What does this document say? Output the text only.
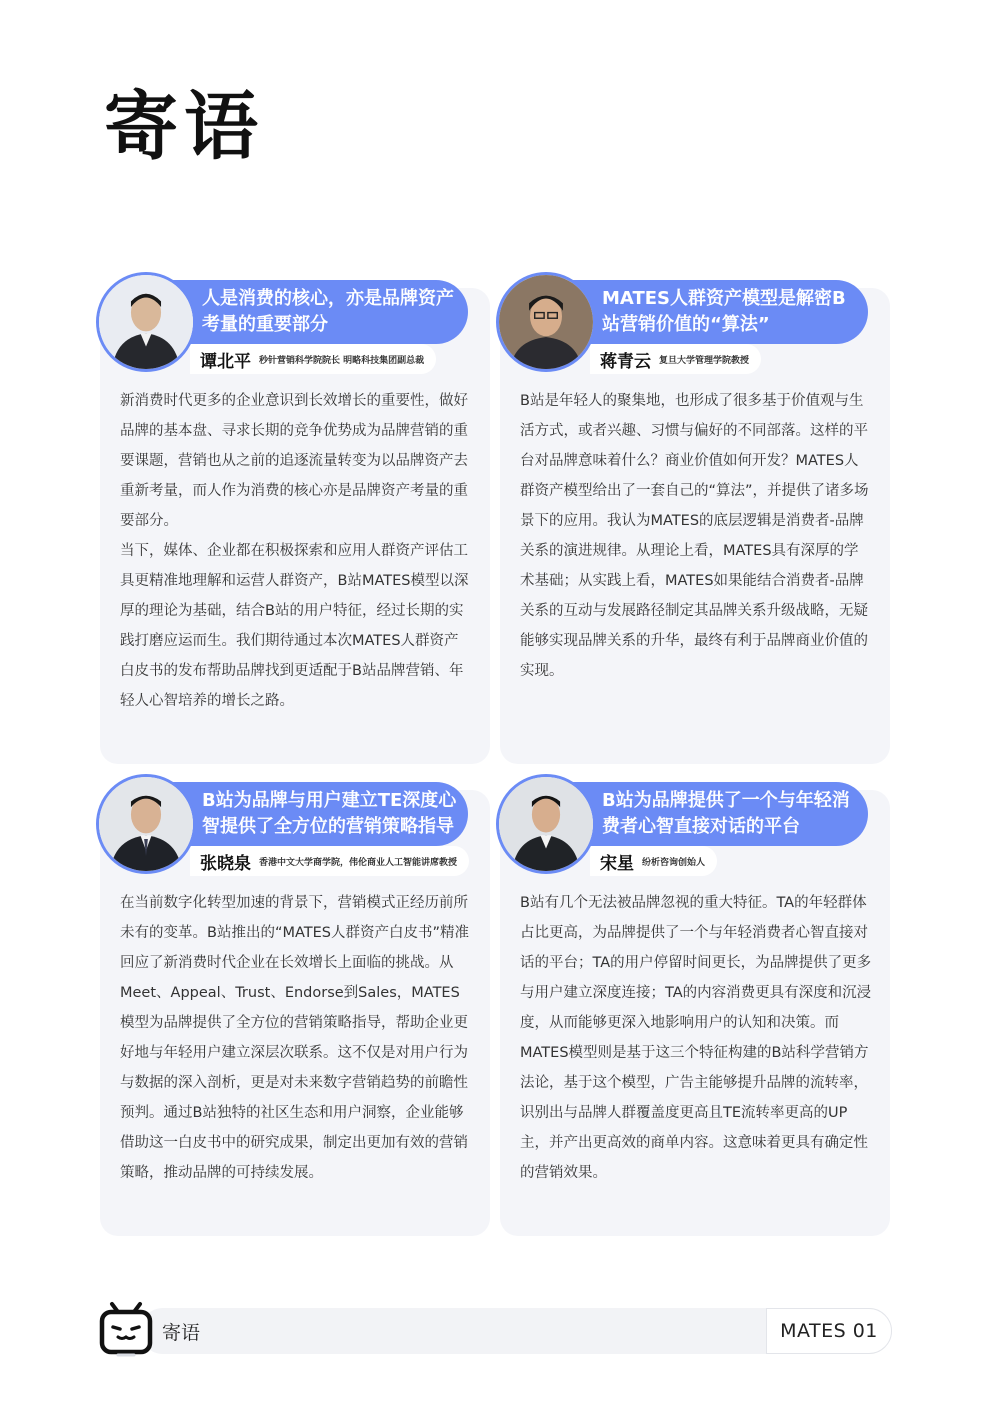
寄语
人是消费的核心，亦是品牌资产考量的重要部分
谭北平 秒针营销科学院院长 明略科技集团副总裁

新消费时代更多的企业意识到长效增长的重要性，做好品牌的基本盘、寻求长期的竞争优势成为品牌营销的重要课题，营销也从之前的追逐流量转变为以品牌资产去重新考量，而人作为消费的核心亦是品牌资产考量的重要部分。

当下，媒体、企业都在积极探索和应用人群资产评估工具更精准地理解和运营人群资产，B站MATES模型以深厚的理论为基础，结合B站的用户特征，经过长期的实践打磨应运而生。我们期待通过本次MATES人群资产白皮书的发布帮助品牌找到更适配于B站品牌营销、年轻人心智培养的增长之路。

MATES人群资产模型是解密B站营销价值的“算法”
蒋青云 复旦大学管理学院教授

B站是年轻人的聚集地，也形成了很多基于价值观与生活方式，或者兴趣、习惯与偏好的不同部落。这样的平台对品牌意味着什么？商业价值如何开发？MATES人群资产模型给出了一套自己的“算法”，并提供了诸多场景下的应用。我认为MATES的底层逻辑是消费者-品牌关系的演进规律。从理论上看，MATES具有深厚的学术基础；从实践上看，MATES如果能结合消费者-品牌关系的互动与发展路径制定其品牌关系升级战略，无疑能够实现品牌关系的升华，最终有利于品牌商业价值的实现。

B站为品牌与用户建立TE深度心智提供了全方位的营销策略指导
张晓泉 香港中文大学商学院，伟伦商业人工智能讲席教授

在当前数字化转型加速的背景下，营销模式正经历前所未有的变革。B站推出的“MATES人群资产白皮书”精准回应了新消费时代企业在长效增长上面临的挑战。从Meet、Appeal、Trust、Endorse到Sales，MATES模型为品牌提供了全方位的营销策略指导，帮助企业更好地与年轻用户建立深层次联系。这不仅是对用户行为与数据的深入剖析，更是对未来数字营销趋势的前瞻性预判。通过B站独特的社区生态和用户洞察，企业能够借助这一白皮书中的研究成果，制定出更加有效的营销策略，推动品牌的可持续发展。

B站为品牌提供了一个与年轻消费者心智直接对话的平台
宋星 纷析咨询创始人

B站有几个无法被品牌忽视的重大特征。TA的年轻群体占比更高，为品牌提供了一个与年轻消费者心智直接对话的平台；TA的用户停留时间更长，为品牌提供了更多与用户建立深度连接；TA的内容消费更具有深度和沉浸度，从而能够更深入地影响用户的认知和决策。而MATES模型则是基于这三个特征构建的B站科学营销方法论，基于这个模型，广告主能够提升品牌的流转率，识别出与品牌人群覆盖度更高且TE流转率更高的UP主，并产出更高效的商单内容。这意味着更具有确定性的营销效果。

MATES 01
寄语
